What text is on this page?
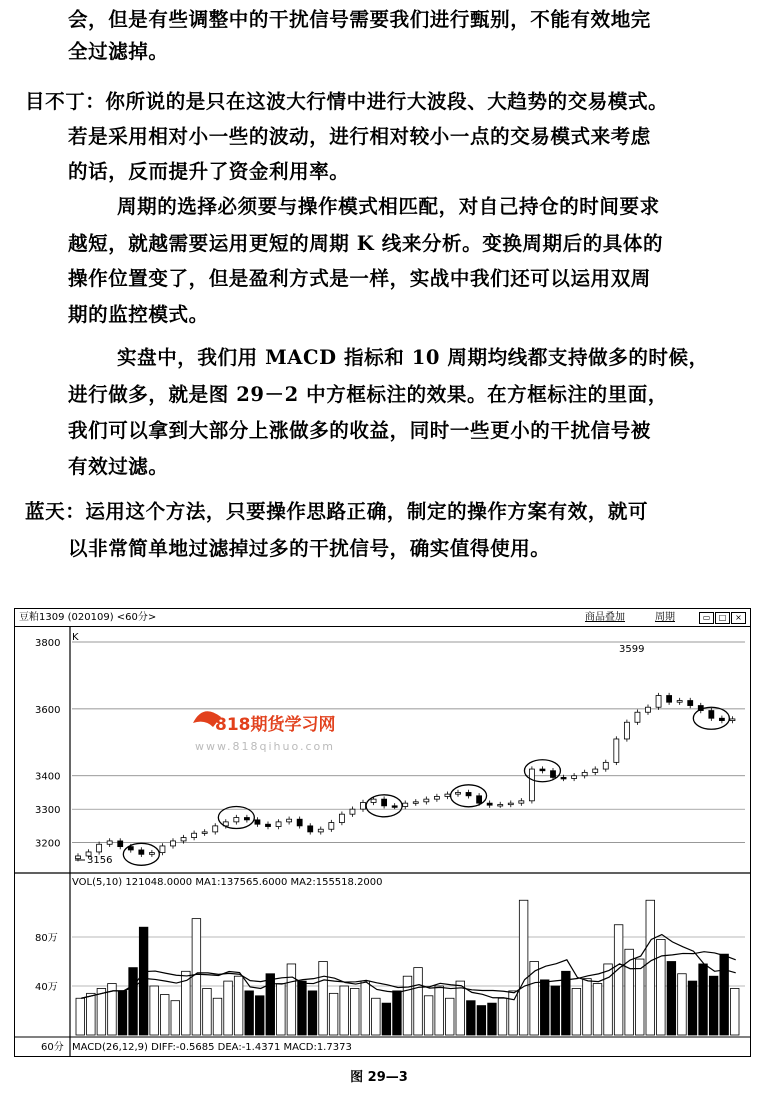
会，但是有些调整中的干扰信号需要我们进行甄别，不能有效地完
全过滤掉。
目不丁：你所说的是只在这波大行情中进行大波段、大趋势的交易模式。
若是采用相对小一些的波动，进行相对较小一点的交易模式来考虑
的话，反而提升了资金利用率。
周期的选择必须要与操作模式相匹配，对自己持仓的时间要求
越短，就越需要运用更短的周期 K 线来分析。变换周期后的具体的
操作位置变了，但是盈利方式是一样，实战中我们还可以运用双周
期的监控模式。
实盘中，我们用 MACD 指标和 10 周期均线都支持做多的时候，
进行做多，就是图 29－2 中方框标注的效果。在方框标注的里面，
我们可以拿到大部分上涨做多的收益，同时一些更小的干扰信号被
有效过滤。
蓝天：运用这个方法，只要操作思路正确，制定的操作方案有效，就可
以非常简单地过滤掉过多的干扰信号，确实值得使用。
豆粕1309 (020109) <60分>	商品叠加	周期	▭	□	×
3200
3300
3400
3600
3800
818期货学习网
www.818qihuo.com
K
3599
3156
VOL(5,10) 121048.0000 MA1:137565.6000 MA2:155518.2000
80万
40万
60分 MACD(26,12,9) DIFF:-0.5685 DEA:-1.4371 MACD:1.7373
图 29—3
